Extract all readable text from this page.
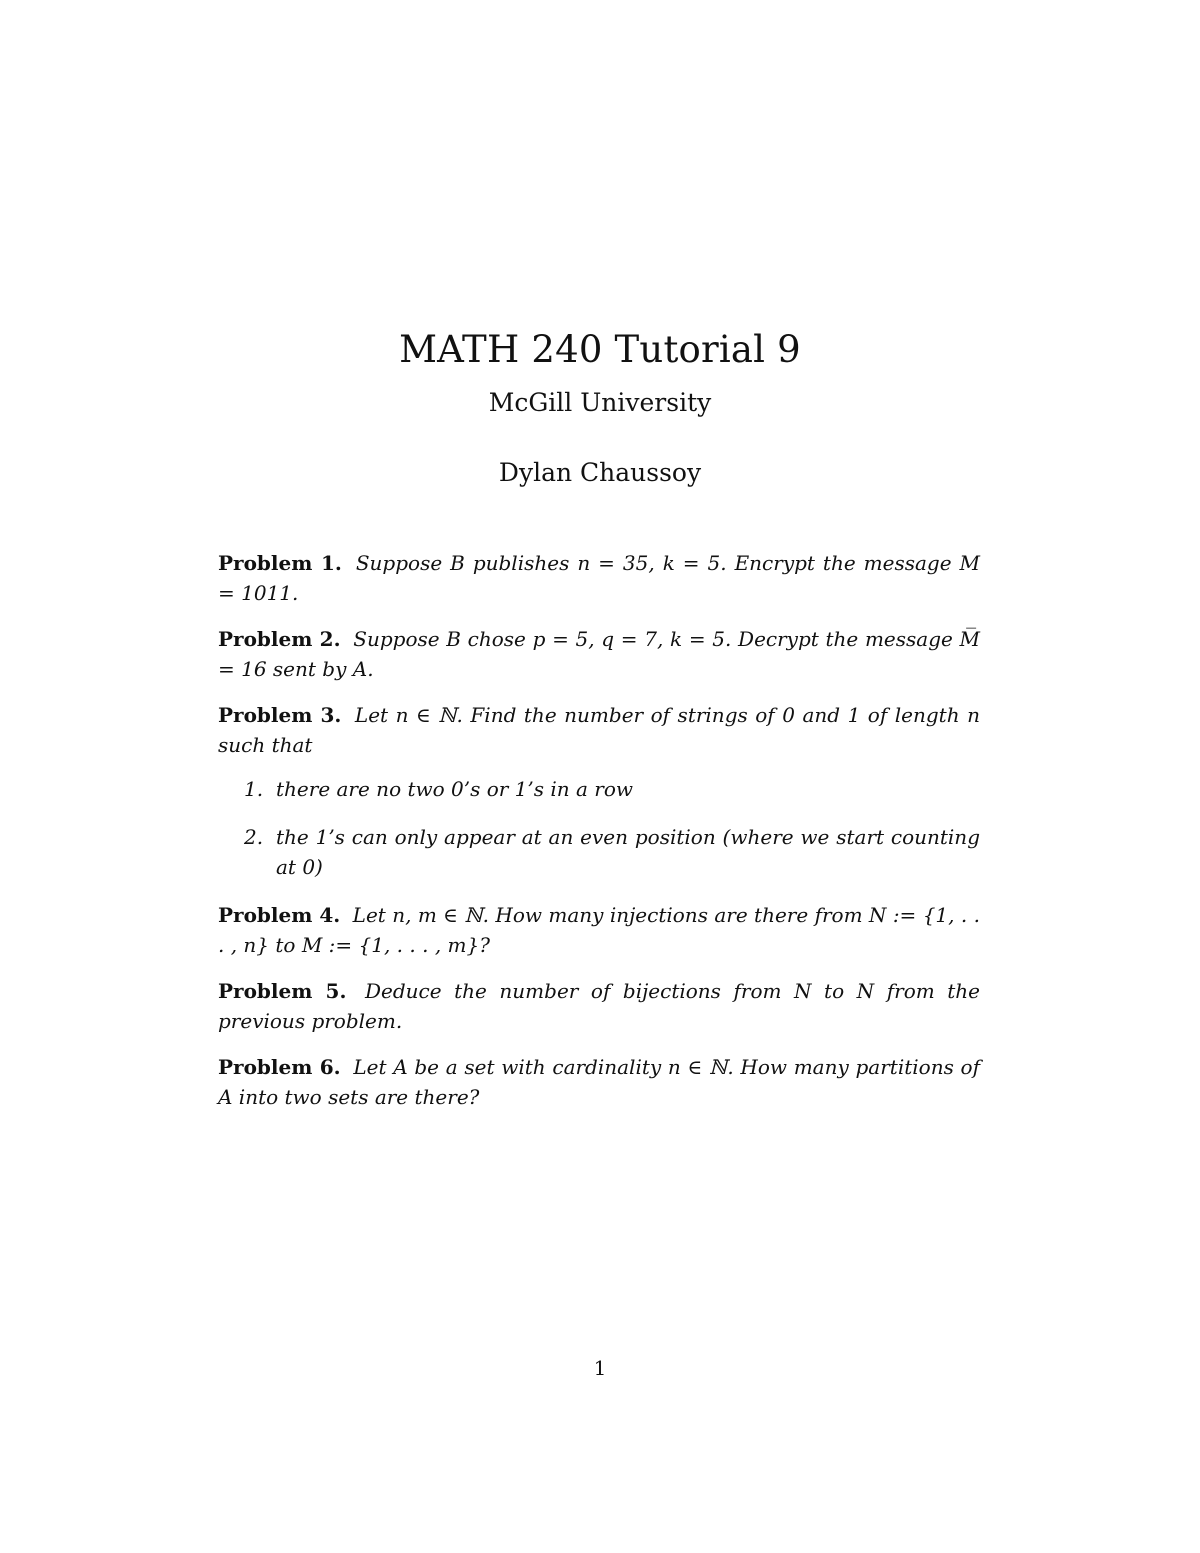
MATH 240 Tutorial 9
McGill University
Dylan Chaussoy

Problem 1. Suppose B publishes n = 35, k = 5. Encrypt the message M = 1011.

Problem 2. Suppose B chose p = 5, q = 7, k = 5. Decrypt the message M̅ = 16 sent by A.

Problem 3. Let n ∈ ℕ. Find the number of strings of 0 and 1 of length n such that

1. there are no two 0’s or 1’s in a row
2. the 1’s can only appear at an even position (where we start counting at 0)

Problem 4. Let n, m ∈ ℕ. How many injections are there from N := {1, . . . , n} to M := {1, . . . , m}?

Problem 5. Deduce the number of bijections from N to N from the previous problem.

Problem 6. Let A be a set with cardinality n ∈ ℕ. How many partitions of A into two sets are there?

1
